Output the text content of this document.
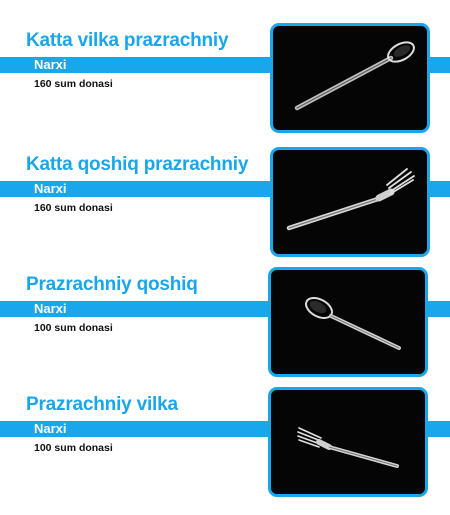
Katta vilka prazrachniy
Narxi
160 sum donasi
Katta qoshiq prazrachniy
Narxi
160 sum donasi
Prazrachniy qoshiq
Narxi
100 sum donasi
Prazrachniy vilka
Narxi
100 sum donasi
